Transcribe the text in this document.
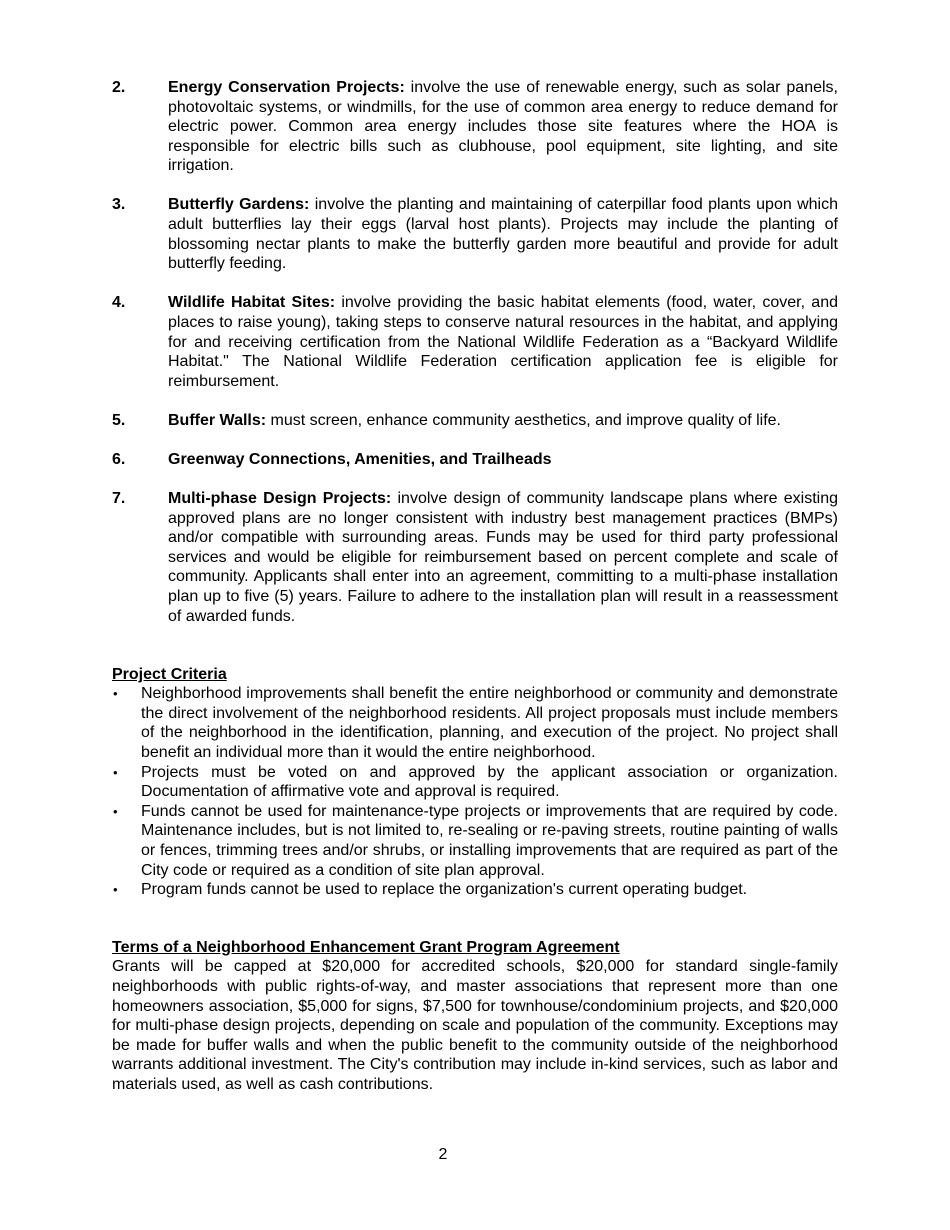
2.	Energy Conservation Projects: involve the use of renewable energy, such as solar panels, photovoltaic systems, or windmills, for the use of common area energy to reduce demand for electric power. Common area energy includes those site features where the HOA is responsible for electric bills such as clubhouse, pool equipment, site lighting, and site irrigation.
3.	Butterfly Gardens: involve the planting and maintaining of caterpillar food plants upon which adult butterflies lay their eggs (larval host plants). Projects may include the planting of blossoming nectar plants to make the butterfly garden more beautiful and provide for adult butterfly feeding.
4.	Wildlife Habitat Sites: involve providing the basic habitat elements (food, water, cover, and places to raise young), taking steps to conserve natural resources in the habitat, and applying for and receiving certification from the National Wildlife Federation as a “Backyard Wildlife Habitat." The National Wildlife Federation certification application fee is eligible for reimbursement.
5.	Buffer Walls: must screen, enhance community aesthetics, and improve quality of life.
6.	Greenway Connections, Amenities, and Trailheads
7.	Multi-phase Design Projects: involve design of community landscape plans where existing approved plans are no longer consistent with industry best management practices (BMPs) and/or compatible with surrounding areas. Funds may be used for third party professional services and would be eligible for reimbursement based on percent complete and scale of community. Applicants shall enter into an agreement, committing to a multi-phase installation plan up to five (5) years. Failure to adhere to the installation plan will result in a reassessment of awarded funds.
Project Criteria
•	Neighborhood improvements shall benefit the entire neighborhood or community and demonstrate the direct involvement of the neighborhood residents. All project proposals must include members of the neighborhood in the identification, planning, and execution of the project. No project shall benefit an individual more than it would the entire neighborhood.
•	Projects must be voted on and approved by the applicant association or organization. Documentation of affirmative vote and approval is required.
•	Funds cannot be used for maintenance-type projects or improvements that are required by code. Maintenance includes, but is not limited to, re-sealing or re-paving streets, routine painting of walls or fences, trimming trees and/or shrubs, or installing improvements that are required as part of the City code or required as a condition of site plan approval.
•	Program funds cannot be used to replace the organization's current operating budget.
Terms of a Neighborhood Enhancement Grant Program Agreement
Grants will be capped at $20,000 for accredited schools, $20,000 for standard single-family neighborhoods with public rights-of-way, and master associations that represent more than one homeowners association, $5,000 for signs, $7,500 for townhouse/condominium projects, and $20,000 for multi-phase design projects, depending on scale and population of the community. Exceptions may be made for buffer walls and when the public benefit to the community outside of the neighborhood warrants additional investment. The City's contribution may include in-kind services, such as labor and materials used, as well as cash contributions.
2
